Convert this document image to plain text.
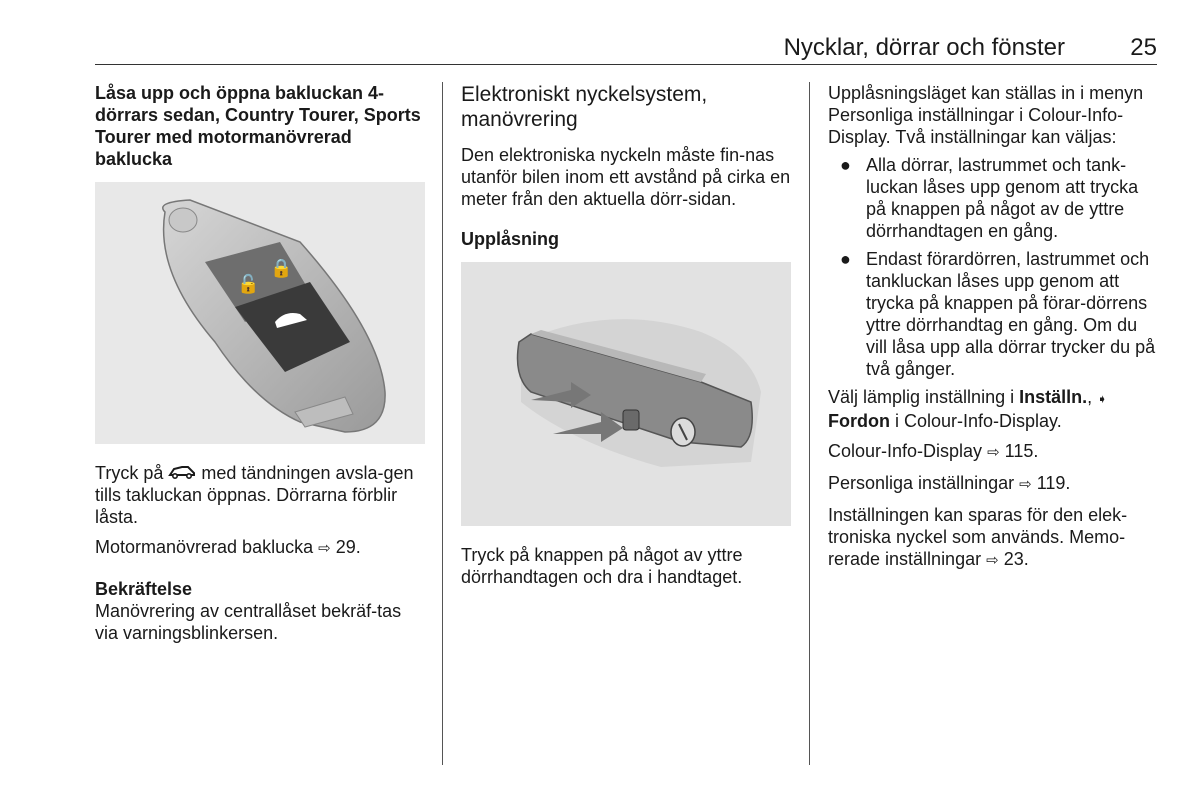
Nycklar, dörrar och fönster	25
Låsa upp och öppna bakluckan 4-dörrars sedan, Country Tourer, Sports Tourer med motormanövrerad baklucka
🔓
🔒

Tryck på  med tändningen avsla-gen tills takluckan öppnas. Dörrarna förblir låsta.

Motormanövrerad baklucka ⇨ 29.

Bekräftelse

Manövrering av centrallåset bekräf-tas via varningsblinkersen.

Elektroniskt nyckelsystem, manövrering

Den elektroniska nyckeln måste fin-nas utanför bilen inom ett avstånd på cirka en meter från den aktuella dörr-sidan.

Upplåsning

Tryck på knappen på något av yttre dörrhandtagen och dra i handtaget.

Upplåsningsläget kan ställas in i menyn Personliga inställningar i Colour-Info-Display. Två inställningar kan väljas:

● Alla dörrar, lastrummet och tank-luckan låses upp genom att trycka på knappen på något av de yttre dörrhandtagen en gång.
● Endast förardörren, lastrummet och tankluckan låses upp genom att trycka på knappen på förar-dörrens yttre dörrhandtag en gång. Om du vill låsa upp alla dörrar trycker du på två gånger.

Välj lämplig inställning i Inställn., ➧
Fordon i Colour-Info-Display.

Colour-Info-Display ⇨ 115.

Personliga inställningar ⇨ 119.

Inställningen kan sparas för den elek-troniska nyckel som används. Memo-rerade inställningar ⇨ 23.
